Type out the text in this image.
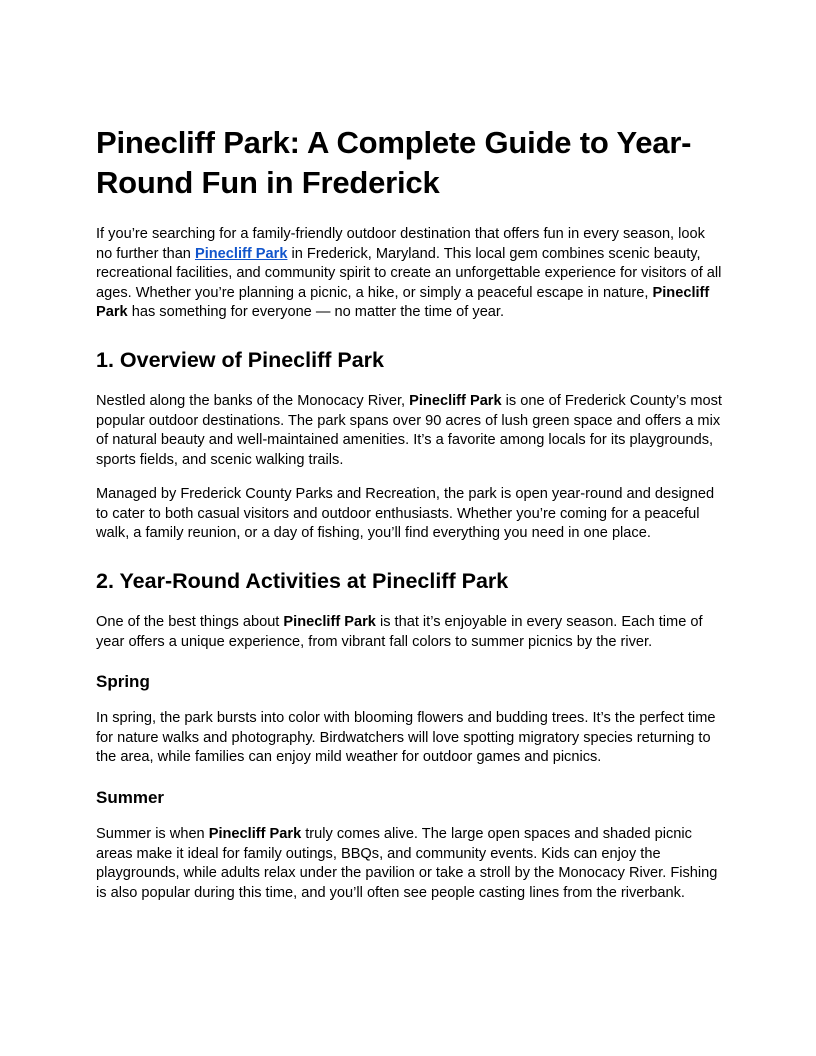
Pinecliff Park: A Complete Guide to Year-Round Fun in Frederick

If you’re searching for a family-friendly outdoor destination that offers fun in every season, look no further than Pinecliff Park in Frederick, Maryland. This local gem combines scenic beauty, recreational facilities, and community spirit to create an unforgettable experience for visitors of all ages. Whether you’re planning a picnic, a hike, or simply a peaceful escape in nature, Pinecliff Park has something for everyone — no matter the time of year.

1. Overview of Pinecliff Park

Nestled along the banks of the Monocacy River, Pinecliff Park is one of Frederick County’s most popular outdoor destinations. The park spans over 90 acres of lush green space and offers a mix of natural beauty and well-maintained amenities. It’s a favorite among locals for its playgrounds, sports fields, and scenic walking trails.

Managed by Frederick County Parks and Recreation, the park is open year-round and designed to cater to both casual visitors and outdoor enthusiasts. Whether you’re coming for a peaceful walk, a family reunion, or a day of fishing, you’ll find everything you need in one place.

2. Year-Round Activities at Pinecliff Park

One of the best things about Pinecliff Park is that it’s enjoyable in every season. Each time of year offers a unique experience, from vibrant fall colors to summer picnics by the river.

Spring

In spring, the park bursts into color with blooming flowers and budding trees. It’s the perfect time for nature walks and photography. Birdwatchers will love spotting migratory species returning to the area, while families can enjoy mild weather for outdoor games and picnics.

Summer

Summer is when Pinecliff Park truly comes alive. The large open spaces and shaded picnic areas make it ideal for family outings, BBQs, and community events. Kids can enjoy the playgrounds, while adults relax under the pavilion or take a stroll by the Monocacy River. Fishing is also popular during this time, and you’ll often see people casting lines from the riverbank.
